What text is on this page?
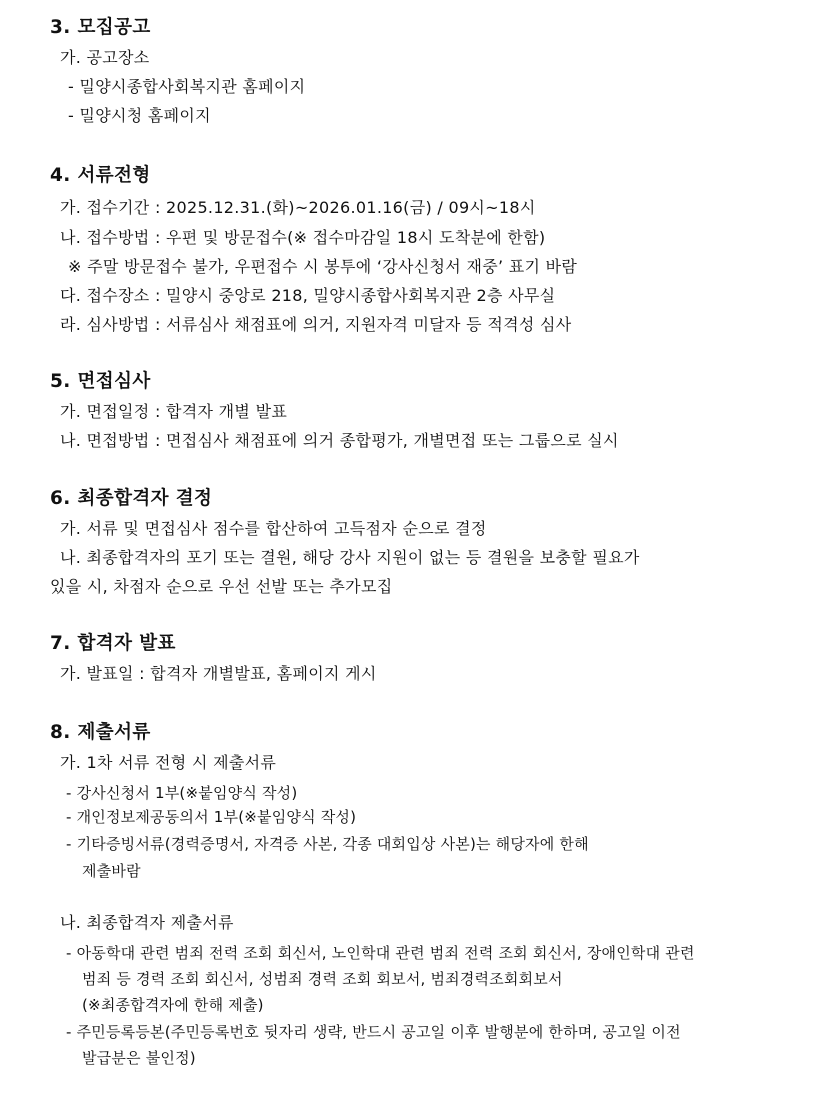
3. 모집공고
가. 공고장소
- 밀양시종합사회복지관 홈페이지
- 밀양시청 홈페이지
4. 서류전형
가. 접수기간 : 2025.12.31.(화)~2026.01.16(금) / 09시~18시
나. 접수방법 : 우편 및 방문접수(※ 접수마감일 18시 도착분에 한함)
※ 주말 방문접수 불가, 우편접수 시 봉투에 ‘강사신청서 재중’ 표기 바람
다. 접수장소 : 밀양시 중앙로 218, 밀양시종합사회복지관 2층 사무실
라. 심사방법 : 서류심사 채점표에 의거, 지원자격 미달자 등 적격성 심사
5. 면접심사
가. 면접일정 : 합격자 개별 발표
나. 면접방법 : 면접심사 채점표에 의거 종합평가, 개별면접 또는 그룹으로 실시
6. 최종합격자 결정
가. 서류 및 면접심사 점수를 합산하여 고득점자 순으로 결정
나. 최종합격자의 포기 또는 결원, 해당 강사 지원이 없는 등 결원을 보충할 필요가
있을 시, 차점자 순으로 우선 선발 또는 추가모집
7. 합격자 발표
가. 발표일 : 합격자 개별발표, 홈페이지 게시
8. 제출서류
가. 1차 서류 전형 시 제출서류
- 강사신청서 1부(※붙임양식 작성)
- 개인정보제공동의서 1부(※붙임양식 작성)
- 기타증빙서류(경력증명서, 자격증 사본, 각종 대회입상 사본)는 해당자에 한해
제출바람
나. 최종합격자 제출서류
- 아동학대 관련 범죄 전력 조회 회신서, 노인학대 관련 범죄 전력 조회 회신서, 장애인학대 관련
범죄 등 경력 조회 회신서, 성범죄 경력 조회 회보서, 범죄경력조회회보서
(※최종합격자에 한해 제출)
- 주민등록등본(주민등록번호 뒷자리 생략, 반드시 공고일 이후 발행분에 한하며, 공고일 이전
발급분은 불인정)
